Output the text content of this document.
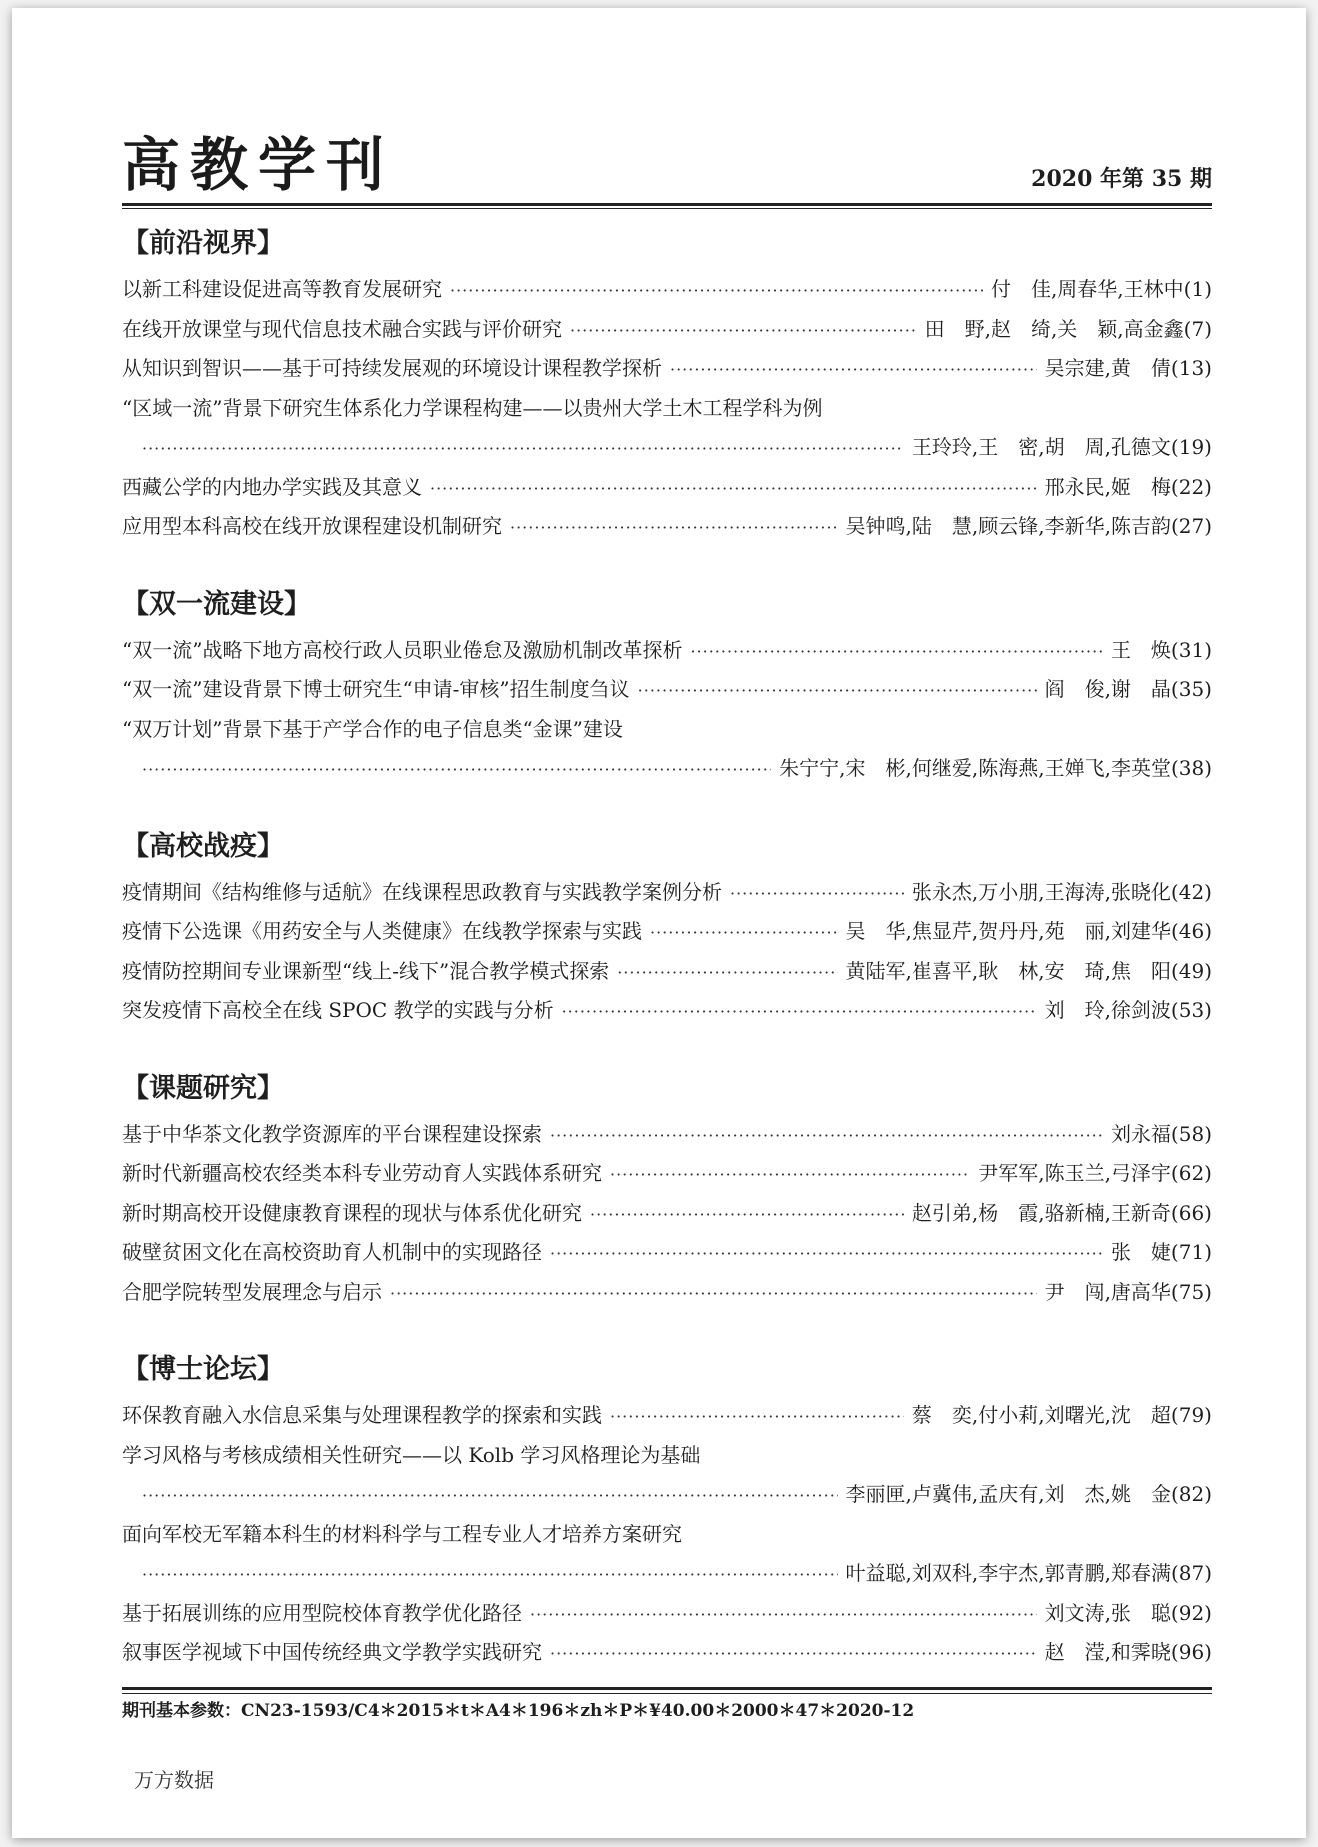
高教学刊	2020 年第 35 期
【前沿视界】
以新工科建设促进高等教育发展研究 ·····	付　佳,周春华,王林中(1)
在线开放课堂与现代信息技术融合实践与评价研究 ·····	田　野,赵　绮,关　颖,高金鑫(7)
从知识到智识——基于可持续发展观的环境设计课程教学探析 ·····	吴宗建,黄　倩(13)
“区域一流”背景下研究生体系化力学课程构建——以贵州大学土木工程学科为例
·····
王玲玲,王　密,胡　周,孔德文(19)
西藏公学的内地办学实践及其意义 ·····	邢永民,姬　梅(22)
应用型本科高校在线开放课程建设机制研究 ·····	吴钟鸣,陆　慧,顾云锋,李新华,陈吉韵(27)
【双一流建设】
“双一流”战略下地方高校行政人员职业倦怠及激励机制改革探析 ·····	王　焕(31)
“双一流”建设背景下博士研究生“申请-审核”招生制度刍议 ·····	阎　俊,谢　晶(35)
“双万计划”背景下基于产学合作的电子信息类“金课”建设
·····
朱宁宁,宋　彬,何继爱,陈海燕,王婵飞,李英堂(38)
【高校战疫】
疫情期间《结构维修与适航》在线课程思政教育与实践教学案例分析 ·····	张永杰,万小朋,王海涛,张晓化(42)
疫情下公选课《用药安全与人类健康》在线教学探索与实践 ·····	吴　华,焦显芹,贺丹丹,苑　丽,刘建华(46)
疫情防控期间专业课新型“线上-线下”混合教学模式探索 ·····	黄陆军,崔喜平,耿　林,安　琦,焦　阳(49)
突发疫情下高校全在线 SPOC 教学的实践与分析 ·····	刘　玲,徐剑波(53)
【课题研究】
基于中华茶文化教学资源库的平台课程建设探索 ·····	刘永福(58)
新时代新疆高校农经类本科专业劳动育人实践体系研究 ·····	尹军军,陈玉兰,弓泽宇(62)
新时期高校开设健康教育课程的现状与体系优化研究 ·····	赵引弟,杨　霞,骆新楠,王新奇(66)
破壁贫困文化在高校资助育人机制中的实现路径 ·····	张　婕(71)
合肥学院转型发展理念与启示 ·····	尹　闯,唐高华(75)
【博士论坛】
环保教育融入水信息采集与处理课程教学的探索和实践 ·····	蔡　奕,付小莉,刘曙光,沈　超(79)
学习风格与考核成绩相关性研究——以 Kolb 学习风格理论为基础
·····
李丽匣,卢冀伟,孟庆有,刘　杰,姚　金(82)
面向军校无军籍本科生的材料科学与工程专业人才培养方案研究
·····
叶益聪,刘双科,李宇杰,郭青鹏,郑春满(87)
基于拓展训练的应用型院校体育教学优化路径 ·····	刘文涛,张　聪(92)
叙事医学视域下中国传统经典文学教学实践研究 ·····	赵　滢,和霁晓(96)
期刊基本参数：CN23-1593/C4＊2015＊t＊A4＊196＊zh＊P＊¥40.00＊2000＊47＊2020-12
万方数据
